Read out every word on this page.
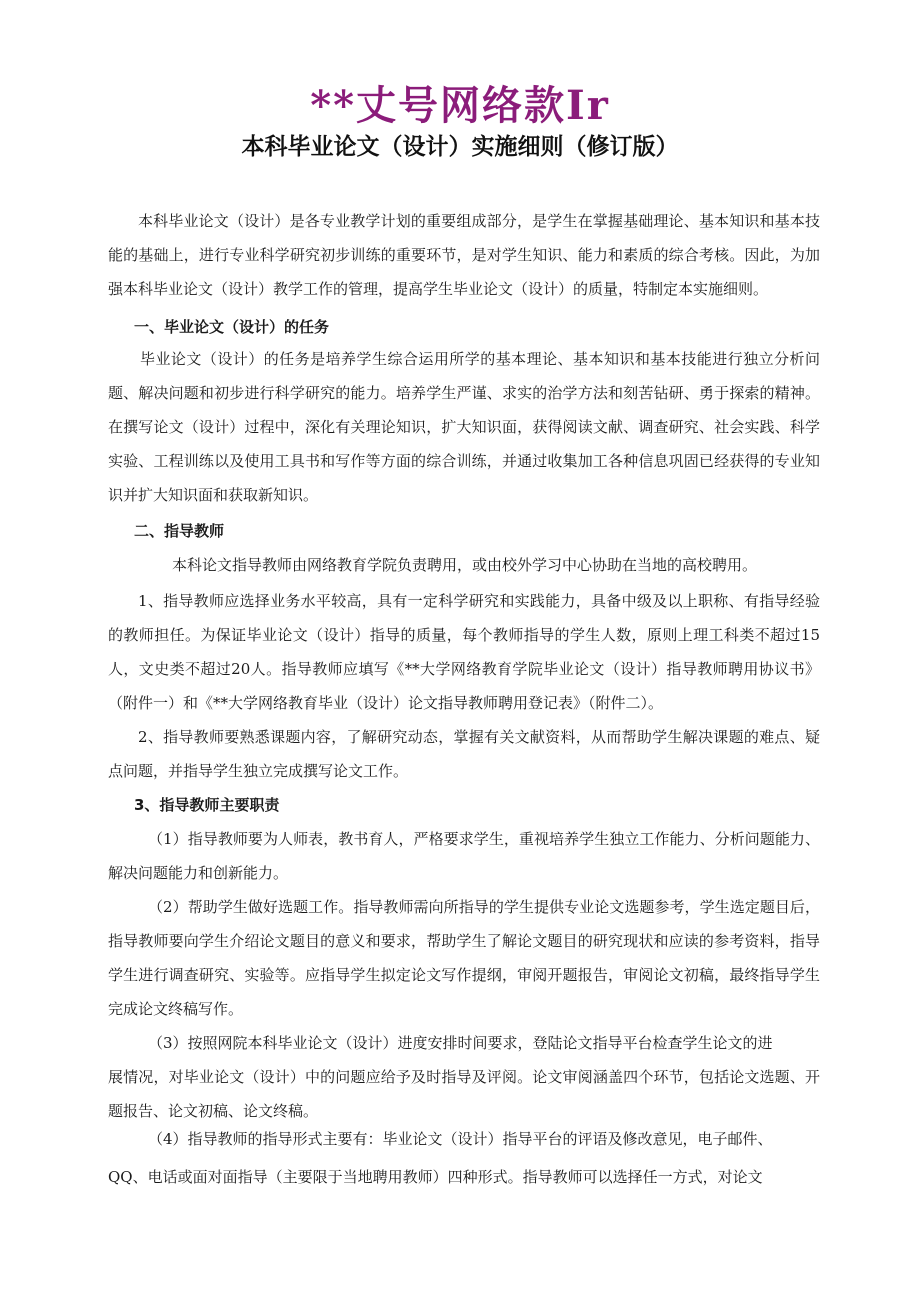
**丈号网络款Ir
本科毕业论文（设计）实施细则（修订版）

本科毕业论文（设计）是各专业教学计划的重要组成部分，是学生在掌握基础理论、基本知识和基本技能的基础上，进行专业科学研究初步训练的重要环节，是对学生知识、能力和素质的综合考核。因此，为加强本科毕业论文（设计）教学工作的管理，提高学生毕业论文（设计）的质量，特制定本实施细则。

一、毕业论文（设计）的任务

毕业论文（设计）的任务是培养学生综合运用所学的基本理论、基本知识和基本技能进行独立分析问题、解决问题和初步进行科学研究的能力。培养学生严谨、求实的治学方法和刻苦钻研、勇于探索的精神。在撰写论文（设计）过程中，深化有关理论知识，扩大知识面，获得阅读文献、调查研究、社会实践、科学实验、工程训练以及使用工具书和写作等方面的综合训练，并通过收集加工各种信息巩固已经获得的专业知识并扩大知识面和获取新知识。

二、指导教师

本科论文指导教师由网络教育学院负责聘用，或由校外学习中心协助在当地的高校聘用。

1、指导教师应选择业务水平较高，具有一定科学研究和实践能力，具备中级及以上职称、有指导经验的教师担任。为保证毕业论文（设计）指导的质量，每个教师指导的学生人数，原则上理工科类不超过15人，文史类不超过20人。指导教师应填写《**大学网络教育学院毕业论文（设计）指导教师聘用协议书》（附件一）和《**大学网络教育毕业（设计）论文指导教师聘用登记表》（附件二）。

2、指导教师要熟悉课题内容，了解研究动态，掌握有关文献资料，从而帮助学生解决课题的难点、疑点问题，并指导学生独立完成撰写论文工作。

3、指导教师主要职责

（1）指导教师要为人师表，教书育人，严格要求学生，重视培养学生独立工作能力、分析问题能力、解决问题能力和创新能力。

（2）帮助学生做好选题工作。指导教师需向所指导的学生提供专业论文选题参考，学生选定题目后，指导教师要向学生介绍论文题目的意义和要求，帮助学生了解论文题目的研究现状和应读的参考资料，指导学生进行调查研究、实验等。应指导学生拟定论文写作提纲，审阅开题报告，审阅论文初稿，最终指导学生完成论文终稿写作。

（3）按照网院本科毕业论文（设计）进度安排时间要求，登陆论文指导平台检查学生论文的进

展情况，对毕业论文（设计）中的问题应给予及时指导及评阅。论文审阅涵盖四个环节，包括论文选题、开题报告、论文初稿、论文终稿。

（4）指导教师的指导形式主要有：毕业论文（设计）指导平台的评语及修改意见，电子邮件、

QQ、电话或面对面指导（主要限于当地聘用教师）四种形式。指导教师可以选择任一方式，对论文
